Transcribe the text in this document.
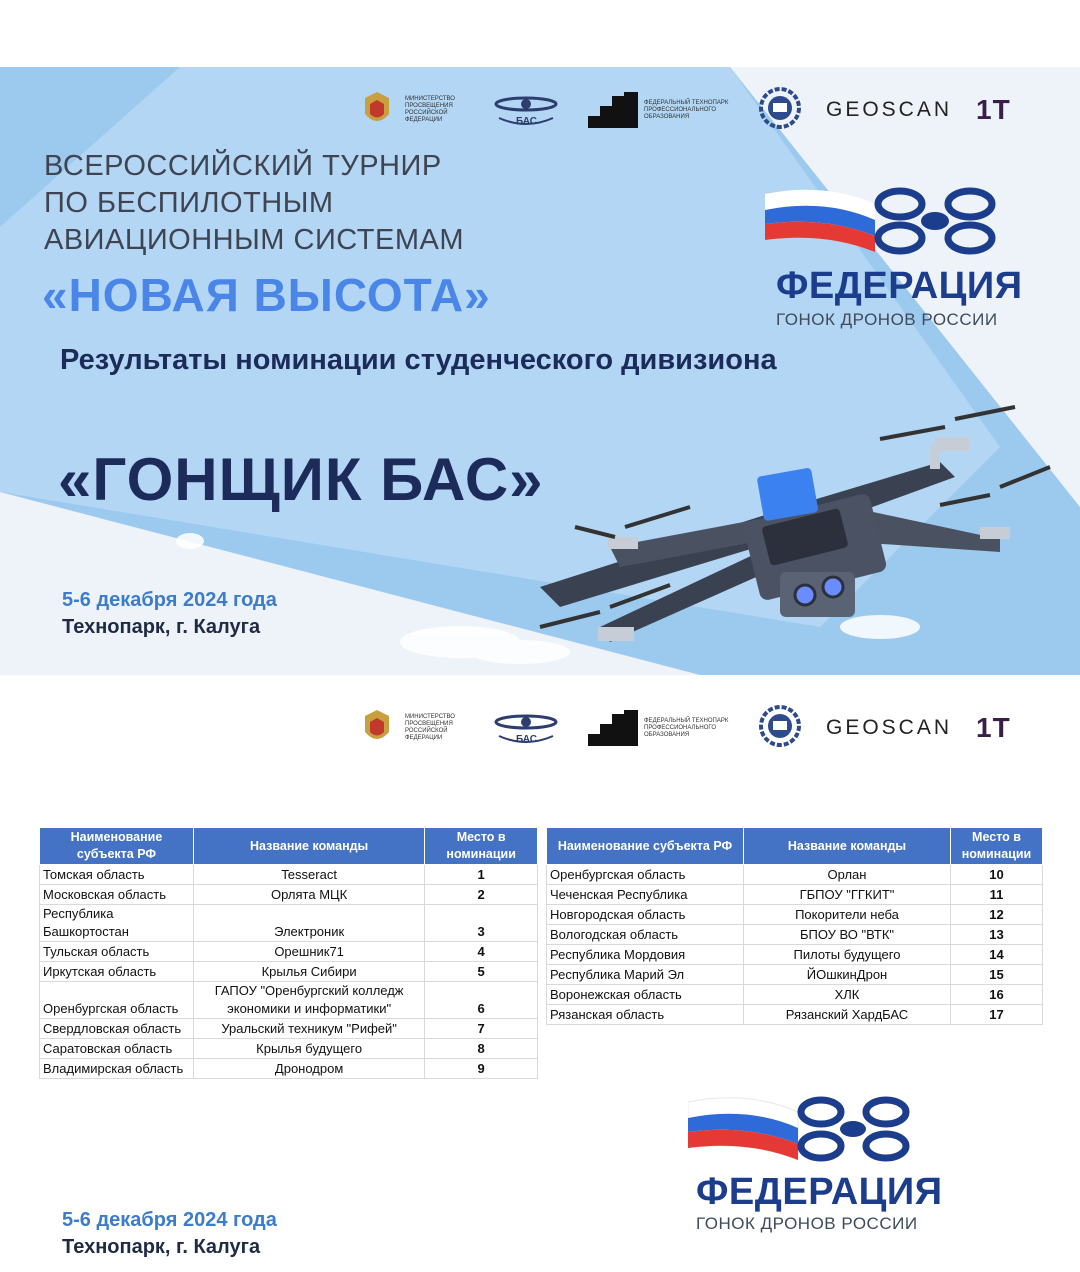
МИНИСТЕРСТВО ПРОСВЕЩЕНИЯ РОССИЙСКОЙ ФЕДЕРАЦИИ	БАС
ФЕДЕРАЛЬНЫЙ ТЕХНОПАРК ПРОФЕССИОНАЛЬНОГО ОБРАЗОВАНИЯ	GEOSCAN 1T
ВСЕРОССИЙСКИЙ ТУРНИР
ПО БЕСПИЛОТНЫМ
АВИАЦИОННЫМ СИСТЕМАМ
«НОВАЯ ВЫСОТА»
Результаты номинации студенческого дивизиона
«ГОНЩИК БАС»
ФЕДЕРАЦИЯ
ГОНОК ДРОНОВ РОССИИ
5-6 декабря 2024 года
Технопарк, г. Калуга
МИНИСТЕРСТВО ПРОСВЕЩЕНИЯ РОССИЙСКОЙ ФЕДЕРАЦИИ	БАС
ФЕДЕРАЛЬНЫЙ ТЕХНОПАРК ПРОФЕССИОНАЛЬНОГО ОБРАЗОВАНИЯ	GEOSCAN 1T
Наименование субъекта РФ	Название команды	Место в номинации
Томская область	Tesseract	1
Московская область	Орлята МЦК	2
Республика Башкортостан	Электроник	3
Тульская область	Орешник71	4
Иркутская область	Крылья Сибири	5
Оренбургская область	ГАПОУ "Оренбургский колледж экономики и информатики"	6
Свердловская область	Уральский техникум "Рифей"	7
Саратовская область	Крылья будущего	8
Владимирская область	Дронодром	9
Наименование субъекта РФ	Название команды	Место в номинации
Оренбургская область	Орлан	10
Чеченская Республика	ГБПОУ "ГГКИТ"	11
Новгородская область	Покорители неба	12
Вологодская область	БПОУ ВО "ВТК"	13
Республика Мордовия	Пилоты будущего	14
Республика Марий Эл	ЙОшкинДрон	15
Воронежская область	ХЛК	16
Рязанская область	Рязанский ХардБАС	17
ФЕДЕРАЦИЯ
ГОНОК ДРОНОВ РОССИИ
5-6 декабря 2024 года
Технопарк, г. Калуга
